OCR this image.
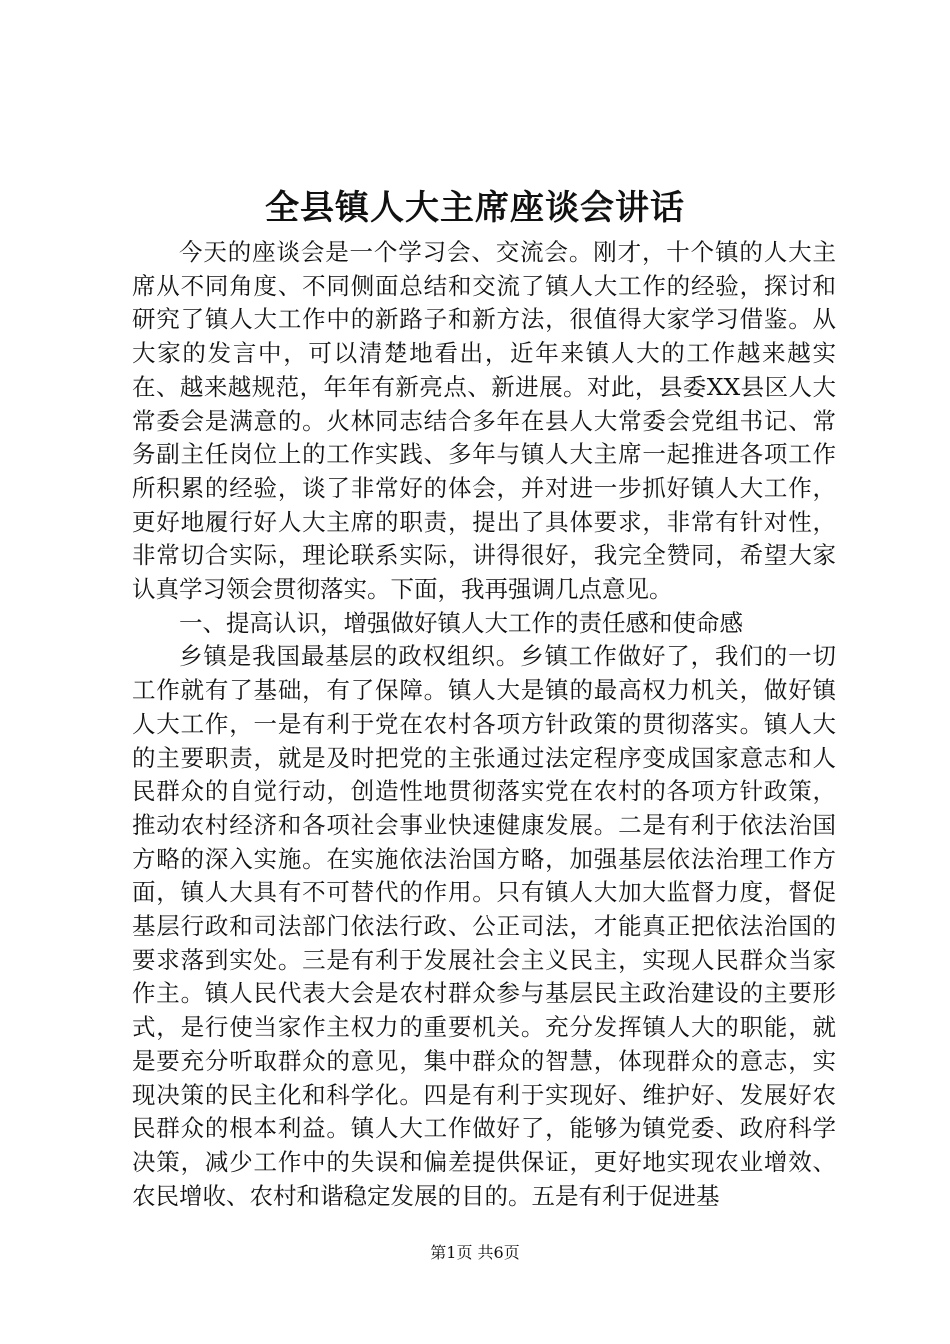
全县镇人大主席座谈会讲话

今天的座谈会是一个学习会、交流会。刚才，十个镇的人大主席从不同角度、不同侧面总结和交流了镇人大工作的经验，探讨和研究了镇人大工作中的新路子和新方法，很值得大家学习借鉴。从大家的发言中，可以清楚地看出，近年来镇人大的工作越来越实在、越来越规范，年年有新亮点、新进展。对此，县委XX县区人大常委会是满意的。火林同志结合多年在县人大常委会党组书记、常务副主任岗位上的工作实践、多年与镇人大主席一起推进各项工作所积累的经验，谈了非常好的体会，并对进一步抓好镇人大工作，更好地履行好人大主席的职责，提出了具体要求，非常有针对性，非常切合实际，理论联系实际，讲得很好，我完全赞同，希望大家认真学习领会贯彻落实。下面，我再强调几点意见。

一、提高认识，增强做好镇人大工作的责任感和使命感

乡镇是我国最基层的政权组织。乡镇工作做好了，我们的一切工作就有了基础，有了保障。镇人大是镇的最高权力机关，做好镇人大工作，一是有利于党在农村各项方针政策的贯彻落实。镇人大的主要职责，就是及时把党的主张通过法定程序变成国家意志和人民群众的自觉行动，创造性地贯彻落实党在农村的各项方针政策，推动农村经济和各项社会事业快速健康发展。二是有利于依法治国方略的深入实施。在实施依法治国方略，加强基层依法治理工作方面，镇人大具有不可替代的作用。只有镇人大加大监督力度，督促基层行政和司法部门依法行政、公正司法，才能真正把依法治国的要求落到实处。三是有利于发展社会主义民主，实现人民群众当家作主。镇人民代表大会是农村群众参与基层民主政治建设的主要形式，是行使当家作主权力的重要机关。充分发挥镇人大的职能，就是要充分听取群众的意见，集中群众的智慧，体现群众的意志，实现决策的民主化和科学化。四是有利于实现好、维护好、发展好农民群众的根本利益。镇人大工作做好了，能够为镇党委、政府科学决策，减少工作中的失误和偏差提供保证，更好地实现农业增效、农民增收、农村和谐稳定发展的目的。五是有利于促进基

第1页 共6页
